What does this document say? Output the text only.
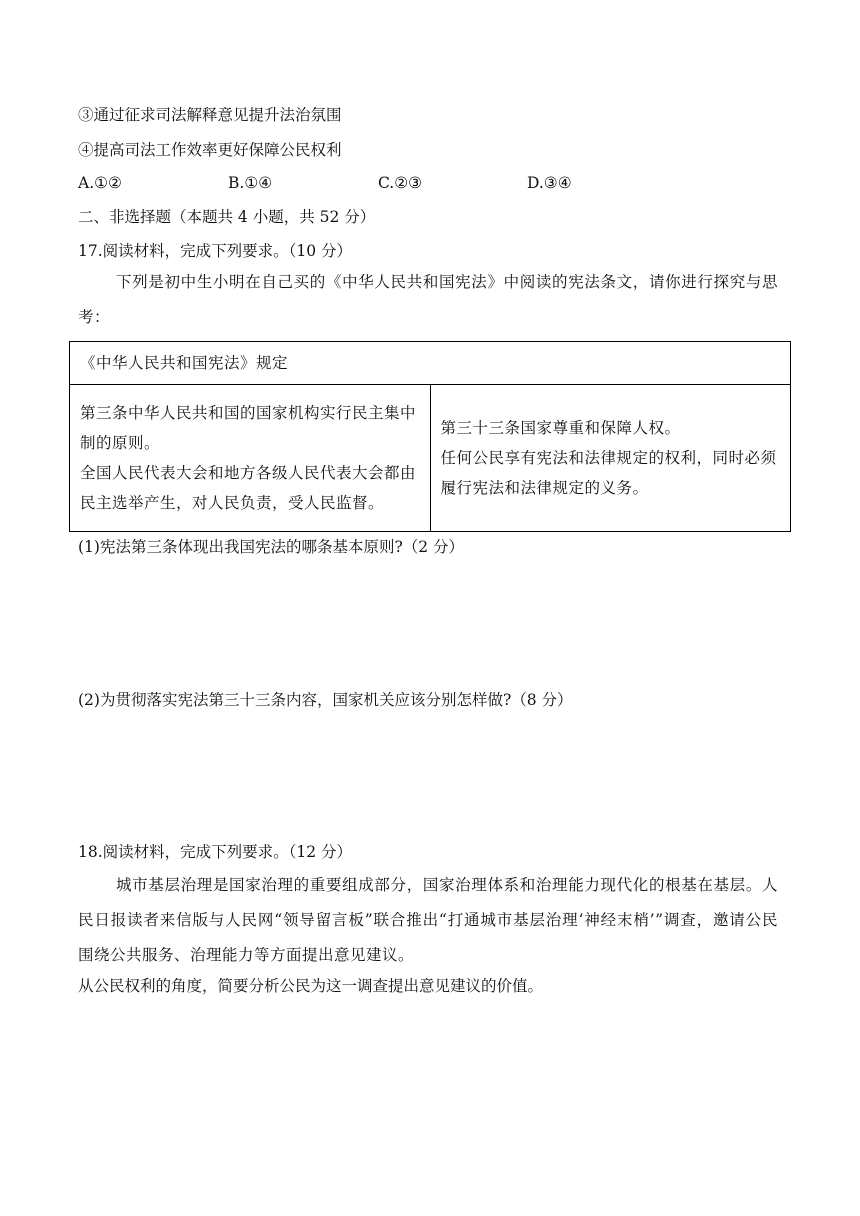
③通过征求司法解释意见提升法治氛围
④提高司法工作效率更好保障公民权利
A.①②	B.①④	C.②③	D.③④
二、非选择题（本题共 4 小题，共 52 分）
17.阅读材料，完成下列要求。（10 分）
下列是初中生小明在自己买的《中华人民共和国宪法》中阅读的宪法条文，请你进行探究与思考：
《中华人民共和国宪法》规定

第三条中华人民共和国的国家机构实行民主集中制的原则。
全国人民代表大会和地方各级人民代表大会都由民主选举产生，对人民负责，受人民监督。

第三十三条国家尊重和保障人权。
任何公民享有宪法和法律规定的权利，同时必须履行宪法和法律规定的义务。
(1)宪法第三条体现出我国宪法的哪条基本原则?（2 分）
(2)为贯彻落实宪法第三十三条内容，国家机关应该分别怎样做?（8 分）
18.阅读材料，完成下列要求。（12 分）
城市基层治理是国家治理的重要组成部分，国家治理体系和治理能力现代化的根基在基层。人民日报读者来信版与人民网“领导留言板”联合推出“打通城市基层治理‘神经末梢’”调查，邀请公民围绕公共服务、治理能力等方面提出意见建议。
从公民权利的角度，简要分析公民为这一调查提出意见建议的价值。
